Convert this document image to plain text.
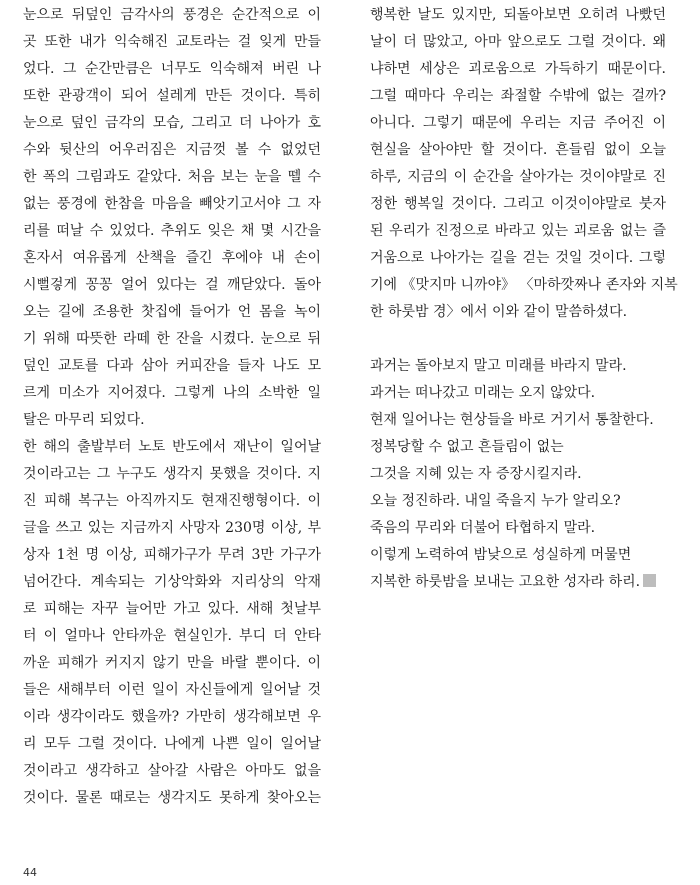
눈으로 뒤덮인 금각사의 풍경은 순간적으로 이
곳 또한 내가 익숙해진 교토라는 걸 잊게 만들
었다. 그 순간만큼은 너무도 익숙해져 버린 나
또한 관광객이 되어 설레게 만든 것이다. 특히
눈으로 덮인 금각의 모습, 그리고 더 나아가 호
수와 뒷산의 어우러짐은 지금껏 볼 수 없었던
한 폭의 그림과도 같았다. 처음 보는 눈을 뗄 수
없는 풍경에 한참을 마음을 빼앗기고서야 그 자
리를 떠날 수 있었다. 추위도 잊은 채 몇 시간을
혼자서 여유롭게 산책을 즐긴 후에야 내 손이
시뻘겋게 꽁꽁 얼어 있다는 걸 깨닫았다. 돌아
오는 길에 조용한 찻집에 들어가 언 몸을 녹이
기 위해 따뜻한 라떼 한 잔을 시켰다. 눈으로 뒤
덮인 교토를 다과 삼아 커피잔을 들자 나도 모
르게 미소가 지어졌다. 그렇게 나의 소박한 일
탈은 마무리 되었다.
한 해의 출발부터 노토 반도에서 재난이 일어날
것이라고는 그 누구도 생각지 못했을 것이다. 지
진 피해 복구는 아직까지도 현재진행형이다. 이
글을 쓰고 있는 지금까지 사망자 230명 이상, 부
상자 1천 명 이상, 피해가구가 무려 3만 가구가
넘어간다. 계속되는 기상악화와 지리상의 악재
로 피해는 자꾸 늘어만 가고 있다. 새해 첫날부
터 이 얼마나 안타까운 현실인가. 부디 더 안타
까운 피해가 커지지 않기 만을 바랄 뿐이다. 이
들은 새해부터 이런 일이 자신들에게 일어날 것
이라 생각이라도 했을까? 가만히 생각해보면 우
리 모두 그럴 것이다. 나에게 나쁜 일이 일어날
것이라고 생각하고 살아갈 사람은 아마도 없을
것이다. 물론 때로는 생각지도 못하게 찾아오는
행복한 날도 있지만, 되돌아보면 오히려 나빴던
날이 더 많았고, 아마 앞으로도 그럴 것이다. 왜
냐하면 세상은 괴로움으로 가득하기 때문이다.
그럴 때마다 우리는 좌절할 수밖에 없는 걸까?
아니다. 그렇기 때문에 우리는 지금 주어진 이
현실을 살아야만 할 것이다. 흔들림 없이 오늘
하루, 지금의 이 순간을 살아가는 것이야말로 진
정한 행복일 것이다. 그리고 이것이야말로 붓자
된 우리가 진정으로 바라고 있는 괴로움 없는 즐
거움으로 나아가는 길을 걷는 것일 것이다. 그렇
기에 《맛지마 니까야》 〈마하깟짜나 존자와 지복
한 하룻밤 경〉에서 이와 같이 말씀하셨다.
과거는 돌아보지 말고 미래를 바라지 말라.
과거는 떠나갔고 미래는 오지 않았다.
현재 일어나는 현상들을 바로 거기서 통찰한다.
정복당할 수 없고 흔들림이 없는
그것을 지혜 있는 자 증장시킬지라.
오늘 정진하라. 내일 죽을지 누가 알리오?
죽음의 무리와 더불어 타협하지 말라.
이렇게 노력하여 밤낮으로 성실하게 머물면
지복한 하룻밤을 보내는 고요한 성자라 하리.
44
